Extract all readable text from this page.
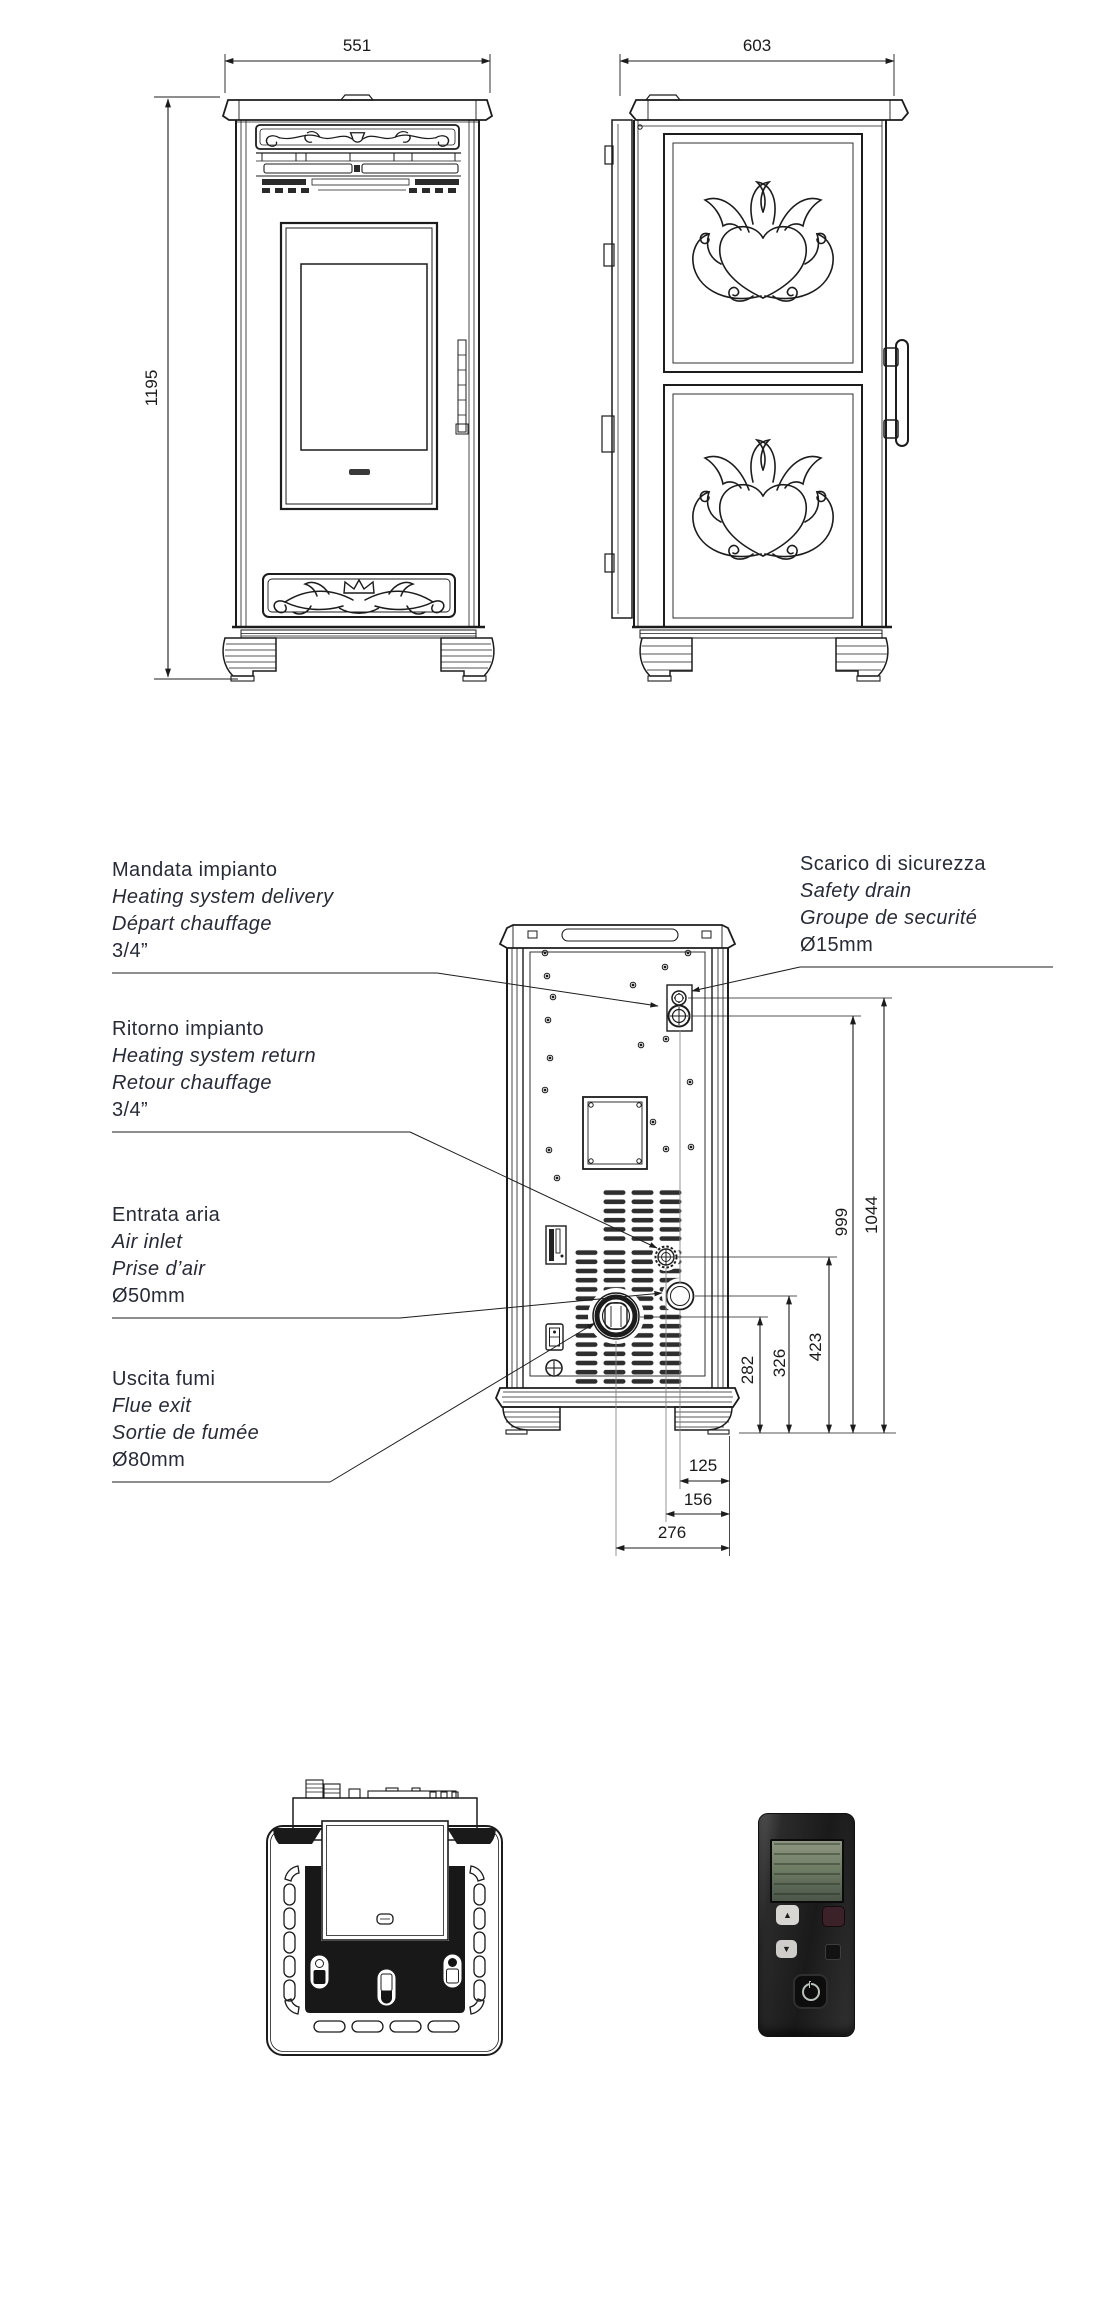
551	603
1195
1044
999
423
326
282
125
156
276
Mandata impianto
Heating system delivery
Départ chauffage
3/4”
Scarico di sicurezza
Safety drain
Groupe de securité
Ø15mm
Ritorno impianto
Heating system return
Retour chauffage
3/4”
Entrata aria
Air inlet
Prise d’air
Ø50mm
Uscita fumi
Flue exit
Sortie de fumée
Ø80mm
▲
▼
